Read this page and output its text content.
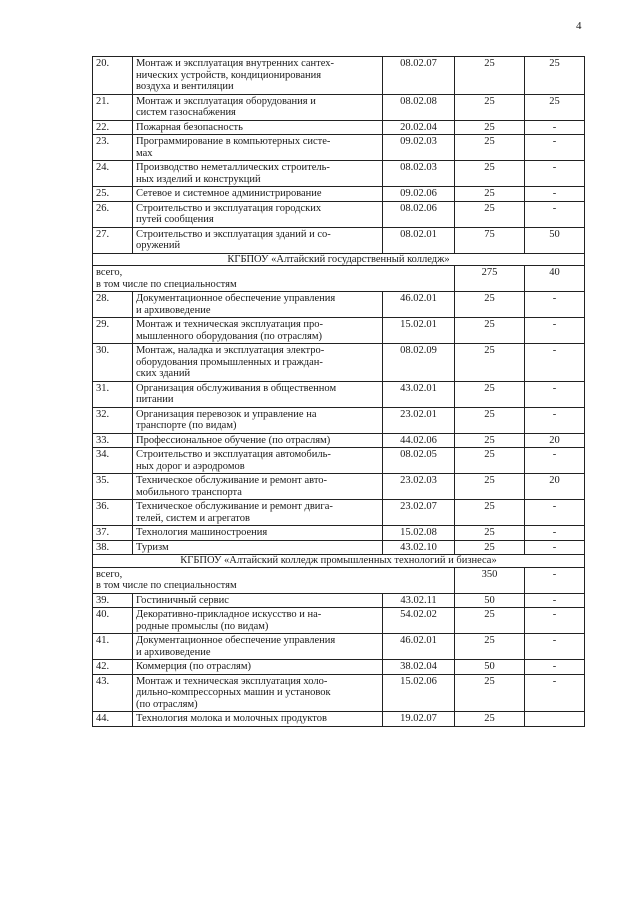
4
20.	Монтаж и эксплуатация внутренних сантех-
нических устройств, кондиционирования
воздуха и вентиляции	08.02.07	25	25
21.	Монтаж и эксплуатация оборудования и
систем газоснабжения	08.02.08	25	25
22.	Пожарная безопасность	20.02.04	25	-
23.	Программирование в компьютерных систе-
мах	09.02.03	25	-
24.	Производство неметаллических строитель-
ных изделий и конструкций	08.02.03	25	-
25.	Сетевое и системное администрирование	09.02.06	25	-
26.	Строительство и эксплуатация городских
путей сообщения	08.02.06	25	-
27.	Строительство и эксплуатация зданий и со-
оружений	08.02.01	75	50
КГБПОУ «Алтайский государственный колледж»				
всего,
в том числе по специальностям			275	40
28.	Документационное обеспечение управления
и архивоведение	46.02.01	25	-
29.	Монтаж и техническая эксплуатация про-
мышленного оборудования (по отраслям)	15.02.01	25	-
30.	Монтаж, наладка и эксплуатация электро-
оборудования промышленных и граждан-
ских зданий	08.02.09	25	-
31.	Организация обслуживания в общественном
питании	43.02.01	25	-
32.	Организация перевозок и управление на
транспорте (по видам)	23.02.01	25	-
33.	Профессиональное обучение (по отраслям)	44.02.06	25	20
34.	Строительство и эксплуатация автомобиль-
ных дорог и аэродромов	08.02.05	25	-
35.	Техническое обслуживание и ремонт авто-
мобильного транспорта	23.02.03	25	20
36.	Техническое обслуживание и ремонт двига-
телей, систем и агрегатов	23.02.07	25	-
37.	Технология машиностроения	15.02.08	25	-
38.	Туризм	43.02.10	25	-
КГБПОУ «Алтайский колледж промышленных технологий и бизнеса»				
всего,
в том числе по специальностям			350	-
39.	Гостиничный сервис	43.02.11	50	-
40.	Декоративно-прикладное искусство и на-
родные промыслы (по видам)	54.02.02	25	-
41.	Документационное обеспечение управления
и архивоведение	46.02.01	25	-
42.	Коммерция (по отраслям)	38.02.04	50	-
43.	Монтаж и техническая эксплуатация холо-
дильно-компрессорных машин и установок
(по отраслям)	15.02.06	25	-
44.	Технология молока и молочных продуктов	19.02.07	25	
